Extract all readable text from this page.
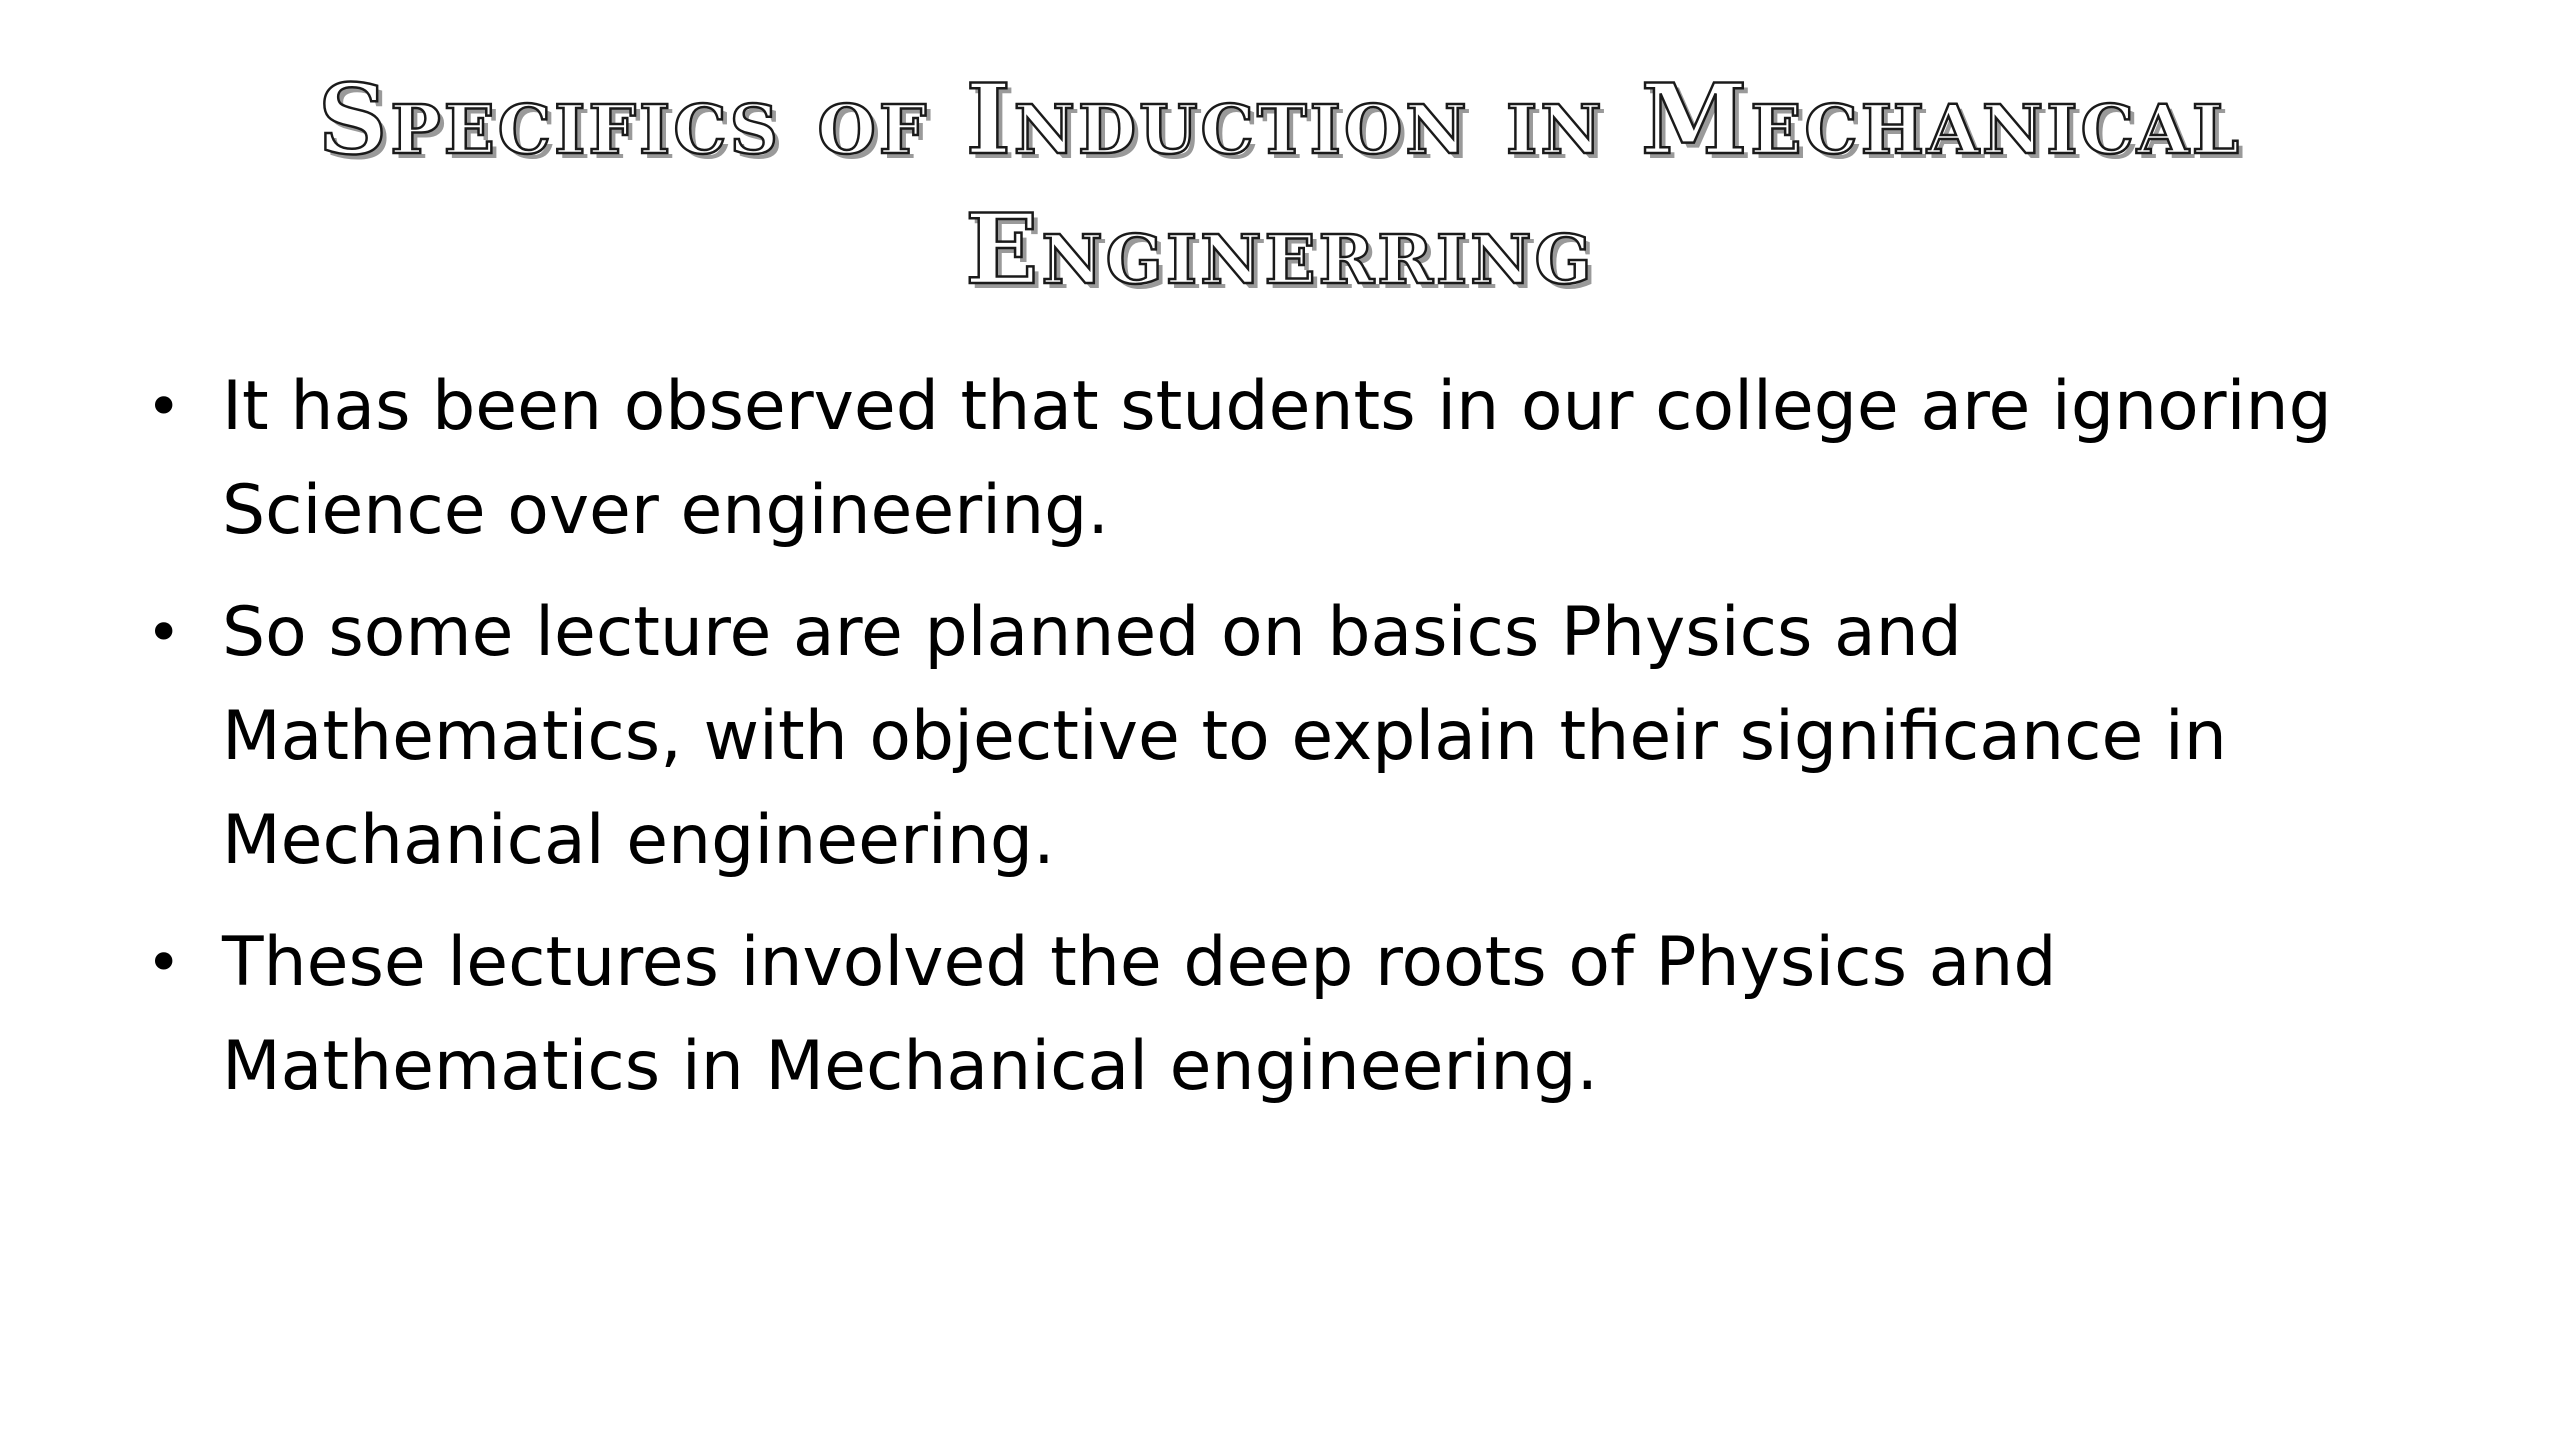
Specifics of Induction in Mechanical Enginerring
• It has been observed that students in our college are ignoring Science over engineering.
• So some lecture are planned on basics Physics and Mathematics, with objective to explain their significance in Mechanical engineering.
• These lectures involved the deep roots of Physics and Mathematics in Mechanical engineering.
